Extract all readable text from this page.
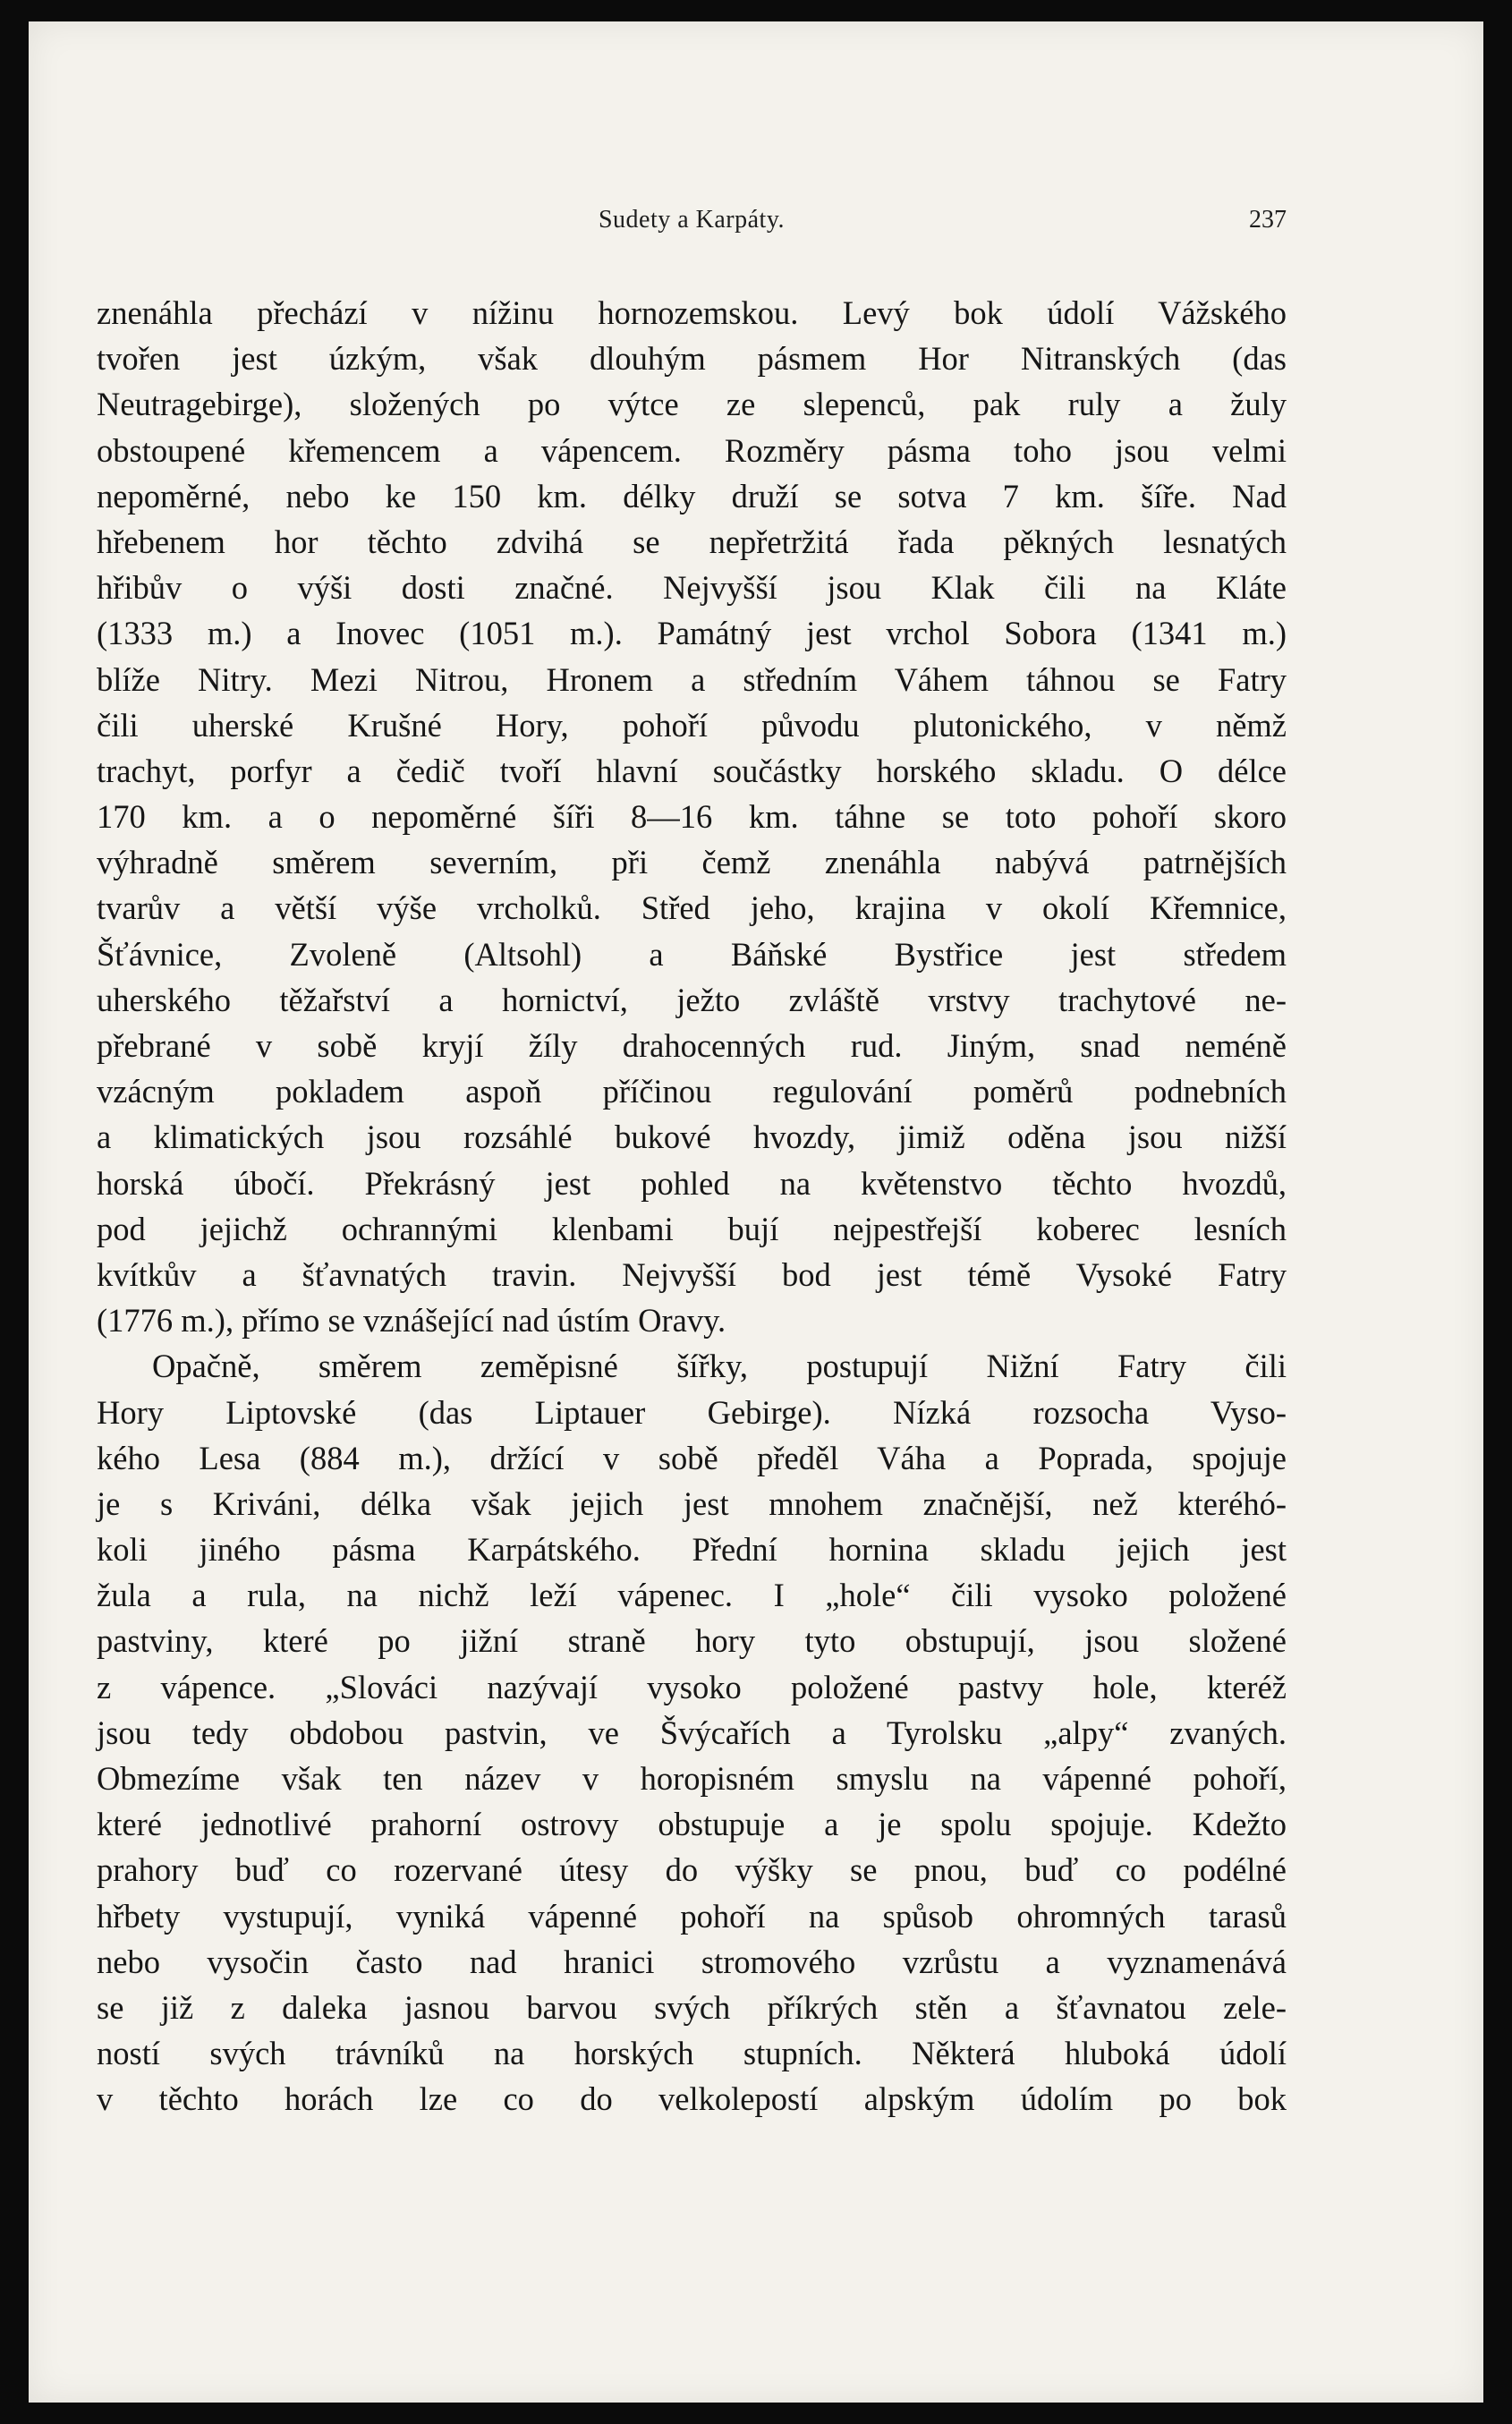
Sudety a Karpáty.	237
znenáhla přechází v nížinu hornozemskou. Levý bok údolí Vážského
tvořen jest úzkým, však dlouhým pásmem Hor Nitranských (das
Neutragebirge), složených po výtce ze slepenců, pak ruly a žuly
obstoupené křemencem a vápencem. Rozměry pásma toho jsou velmi
nepoměrné, nebo ke 150 km. délky druží se sotva 7 km. šíře. Nad
hřebenem hor těchto zdvihá se nepřetržitá řada pěkných lesnatých
hřibův o výši dosti značné. Nejvyšší jsou Klak čili na Kláte
(1333 m.) a Inovec (1051 m.). Památný jest vrchol Sobora (1341 m.)
blíže Nitry. Mezi Nitrou, Hronem a středním Váhem táhnou se Fatry
čili uherské Krušné Hory, pohoří původu plutonického, v němž
trachyt, porfyr a čedič tvoří hlavní součástky horského skladu. O délce
170 km. a o nepoměrné šíři 8—16 km. táhne se toto pohoří skoro
výhradně směrem severním, při čemž znenáhla nabývá patrnějších
tvarův a větší výše vrcholků. Střed jeho, krajina v okolí Křemnice,
Šťávnice, Zvoleně (Altsohl) a Báňské Bystřice jest středem
uherského těžařství a hornictví, ježto zvláště vrstvy trachytové ne-
přebrané v sobě kryjí žíly drahocenných rud. Jiným, snad neméně
vzácným pokladem aspoň příčinou regulování poměrů podnebních
a klimatických jsou rozsáhlé bukové hvozdy, jimiž oděna jsou nižší
horská úbočí. Překrásný jest pohled na květenstvo těchto hvozdů,
pod jejichž ochrannými klenbami bují nejpestřejší koberec lesních
kvítkův a šťavnatých travin. Nejvyšší bod jest témě Vysoké Fatry
(1776 m.), přímo se vznášející nad ústím Oravy.
Opačně, směrem zeměpisné šířky, postupují Nižní Fatry čili
Hory Liptovské (das Liptauer Gebirge). Nízká rozsocha Vyso-
kého Lesa (884 m.), držící v sobě předěl Váha a Poprada, spojuje
je s Kriváni, délka však jejich jest mnohem značnější, než kteréhó-
koli jiného pásma Karpátského. Přední hornina skladu jejich jest
žula a rula, na nichž leží vápenec. I „hole“ čili vysoko položené
pastviny, které po jižní straně hory tyto obstupují, jsou složené
z vápence. „Slováci nazývají vysoko položené pastvy hole, kteréž
jsou tedy obdobou pastvin, ve Švýcařích a Tyrolsku „alpy“ zvaných.
Obmezíme však ten název v horopisném smyslu na vápenné pohoří,
které jednotlivé prahorní ostrovy obstupuje a je spolu spojuje. Kdežto
prahory buď co rozervané útesy do výšky se pnou, buď co podélné
hřbety vystupují, vyniká vápenné pohoří na spůsob ohromných tarasů
nebo vysočin často nad hranici stromového vzrůstu a vyznamenává
se již z daleka jasnou barvou svých příkrých stěn a šťavnatou zele-
ností svých trávníků na horských stupních. Některá hluboká údolí
v těchto horách lze co do velkolepostí alpským údolím po bok
